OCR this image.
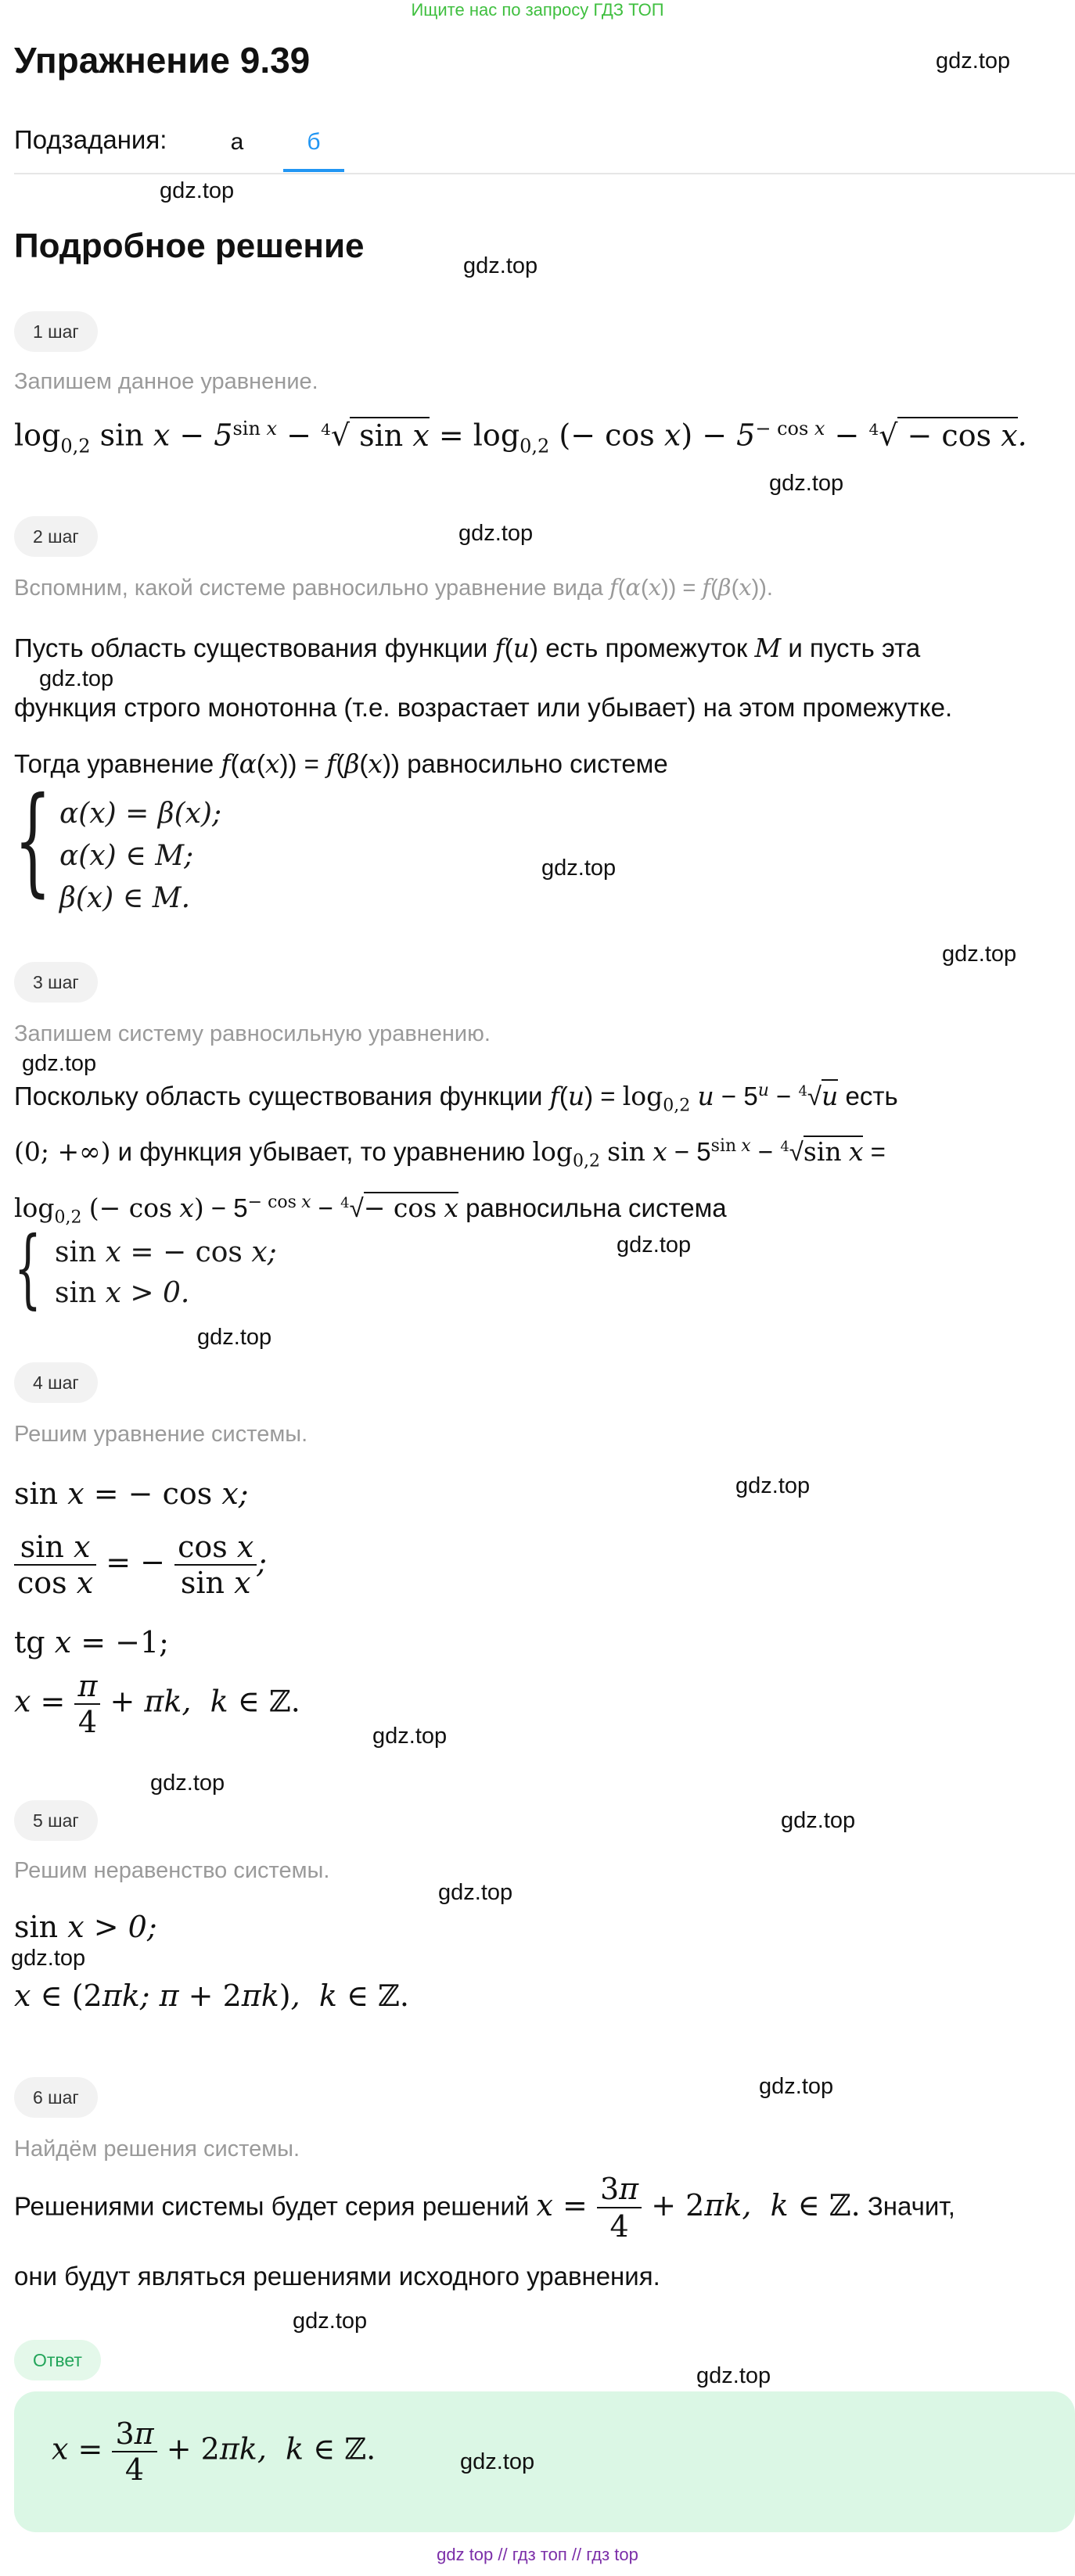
Ищите нас по запросу ГДЗ ТОП
Упражнение 9.39	gdz.top
Подзадания:	а	б
gdz.top
Подробное решение
gdz.top
1 шаг
Запишем данное уравнение.
$\log_{0,2} \sin x - 5^{sin x} - ^4√$ $\sin x = \log_{0,2}$ (− $\cos x) - 5^{- cos x} - ^4√ - \cos x$.
gdz.top
2 шаг	gdz.top
Вспомним, какой системе равносильно уравнение вида f(α(x)) = f(β(x)).
Пусть область существования функции f(u) есть промежуток M и пусть эта
gdz.top
функция строго монотонна (т.е. возрастает или убывает) на этом промежутке.
Тогда уравнение f(α(x)) = f(β(x)) равносильно системе
{ α(x) = β(x);
α(x) ∈ M;
β(x) ∈ M.
gdz.top
gdz.top
3 шаг
Запишем систему равносильную уравнению.
gdz.top
Поскольку область существования функции $f(u) = \log_{0,2} u - 5^u - ^4√u$ есть
(0; +∞) и функция убывает, то уравнению $\log_{0,2} \sin x - 5^{sin x} - ^4√\sin$ x =
$\log_{0,2}$ (− $\cos x) - 5^{- cos x} - ^4√- \cos x$ равносильна система
{ sin x = − cos x;
sin x > 0.
gdz.top
gdz.top
4 шаг
Решим уравнение системы.
sin x = − cos x;	gdz.top
$\frac{\text{sin x}}{\text{cos x}}$ = − $\frac{\text{cos x}}{\text{sin x}}$ ;
tg x = −1;
$x = \frac{\pi}{4} + \pi k$,  k ∈ ℤ.
gdz.top
gdz.top
5 шаг	gdz.top
Решим неравенство системы.
gdz.top
sin x > 0;
gdz.top
x ∈ (2πk; π + 2πk),  k ∈ ℤ.
6 шаг	gdz.top
Найдём решения системы.
Решениями системы будет серия решений $x = \frac{3\pi}{4} + 2\pi k$,  k ∈ ℤ. Значит,
они будут являться решениями исходного уравнения.
gdz.top
Ответ
gdz.top
$x = \frac{3\pi}{4} + 2\pi k$,  k ∈ ℤ.	gdz.top
gdz top // гдз топ // гдз top
